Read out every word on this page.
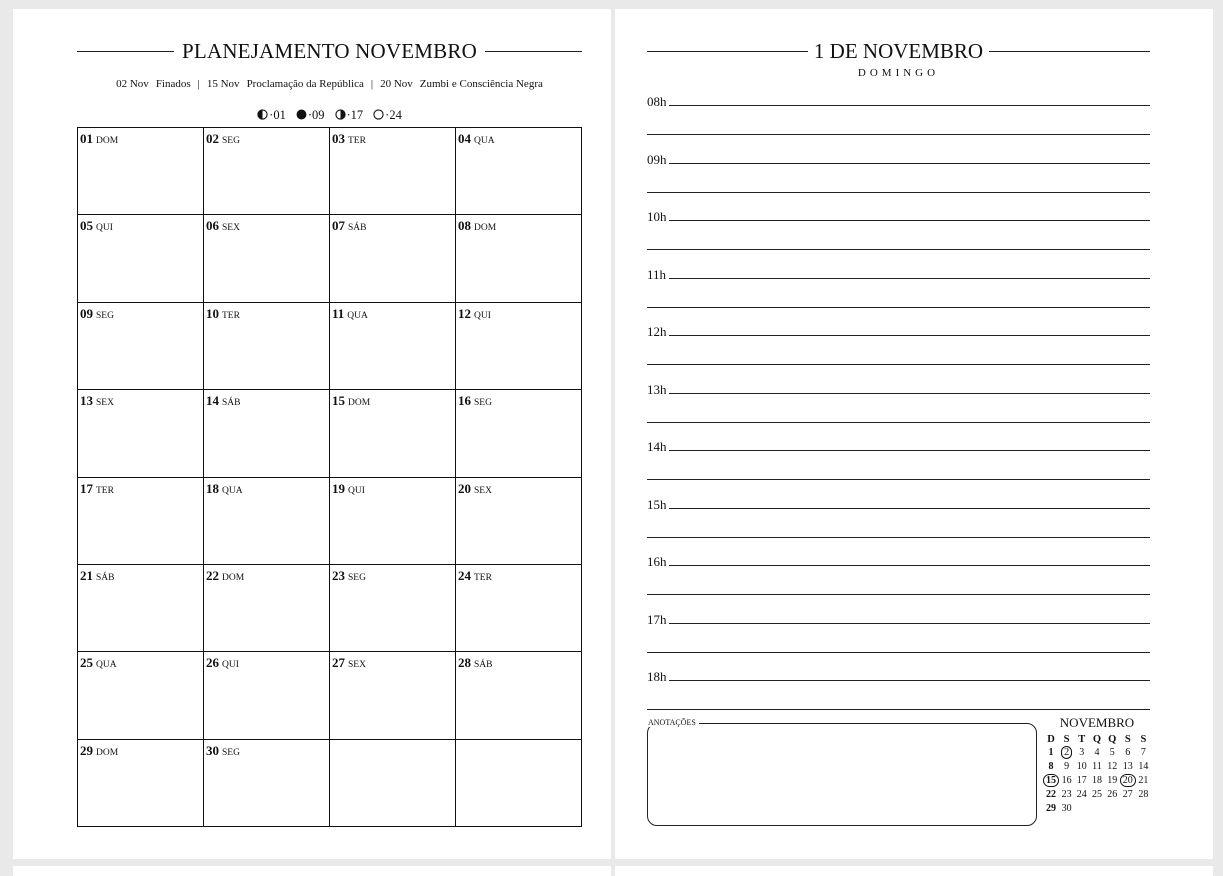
PLANEJAMENTO NOVEMBRO
02 Nov Finados | 15 Nov Proclamação da República | 20 Nov Zumbi e Consciência Negra
·01 ·09 ·17 ·24
01 DOM	02 SEG	03 TER	04 QUA
05 QUI	06 SEX	07 SÁB	08 DOM
09 SEG	10 TER	11 QUA	12 QUI
13 SEX	14 SÁB	15 DOM	16 SEG
17 TER	18 QUA	19 QUI	20 SEX
21 SÁB	22 DOM	23 SEG	24 TER
25 QUA	26 QUI	27 SEX	28 SÁB
29 DOM	30 SEG
1 DE NOVEMBRO
DOMINGO
08h
09h
10h
11h
12h
13h
14h
15h
16h
17h
18h
ANOTAÇÕES	NOVEMBRO
D S T Q Q S S
1	2	3	4	5	6	7
8	9 10 11 12 13 14
15 16 17 18 19 20 21
22 23 24 25 26 27 28
29 30
